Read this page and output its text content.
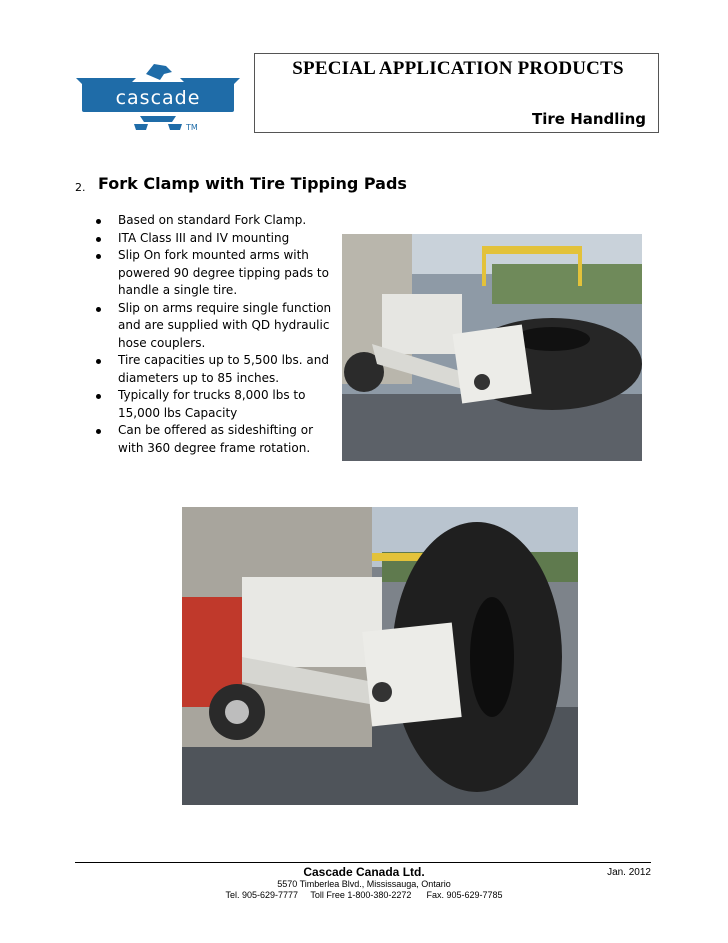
cascade
TM
SPECIAL APPLICATION PRODUCTS
Tire Handling
2. Fork Clamp with Tire Tipping Pads
Based on standard Fork Clamp.
ITA Class III and IV mounting
Slip On fork mounted arms with
powered 90 degree tipping pads to
handle a single tire.
Slip on arms require single function
and are supplied with QD hydraulic
hose couplers.
Tire capacities up to 5,500 lbs. and
diameters up to 85 inches.
Typically for trucks 8,000 lbs to
15,000 lbs Capacity
Can be offered as sideshifting or
with 360 degree frame rotation.
Cascade Canada Ltd.	Jan. 2012
5570 Timberlea Blvd., Mississauga, Ontario
Tel. 905-629-7777     Toll Free 1-800-380-2272      Fax. 905-629-7785
